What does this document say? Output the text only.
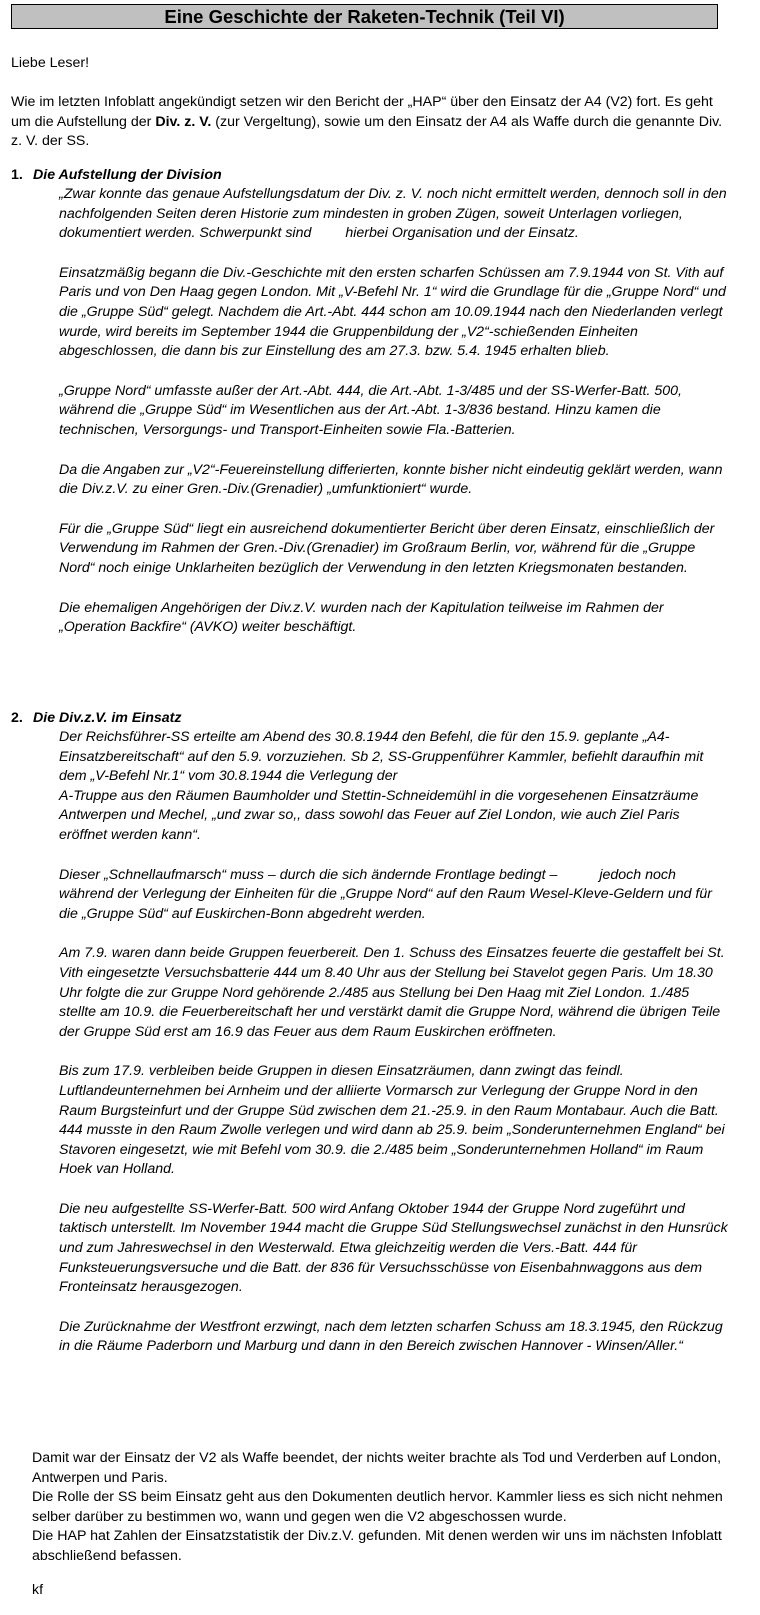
Eine Geschichte der Raketen-Technik (Teil VI)
Liebe Leser!
Wie im letzten Infoblatt angekündigt setzen wir den Bericht der „HAP“ über den Einsatz der A4 (V2) fort. Es geht um die Aufstellung der Div. z. V. (zur Vergeltung), sowie um den Einsatz der A4 als Waffe durch die genannte Div. z. V. der SS.
1. Die Aufstellung der Division

„Zwar konnte das genaue Aufstellungsdatum der Div. z. V. noch nicht ermittelt werden, dennoch soll in den nachfolgenden Seiten deren Historie zum mindesten in groben Zügen, soweit Unterlagen vorliegen, dokumentiert werden. Schwerpunkt sind hierbei Organisation und der Einsatz.

Einsatzmäßig begann die Div.-Geschichte mit den ersten scharfen Schüssen am 7.9.1944 von St. Vith auf Paris und von Den Haag gegen London. Mit „V-Befehl Nr. 1“ wird die Grundlage für die „Gruppe Nord“ und die „Gruppe Süd“ gelegt. Nachdem die Art.-Abt. 444 schon am 10.09.1944 nach den Niederlanden verlegt wurde, wird bereits im September 1944 die Gruppenbildung der „V2“-schießenden Einheiten abgeschlossen, die dann bis zur Einstellung des am 27.3. bzw. 5.4. 1945 erhalten blieb.

„Gruppe Nord“ umfasste außer der Art.-Abt. 444, die Art.-Abt. 1-3/485 und der SS-Werfer-Batt. 500, während die „Gruppe Süd“ im Wesentlichen aus der Art.-Abt. 1-3/836 bestand. Hinzu kamen die technischen, Versorgungs- und Transport-Einheiten sowie Fla.-Batterien.

Da die Angaben zur „V2“-Feuereinstellung differierten, konnte bisher nicht eindeutig geklärt werden, wann die Div.z.V. zu einer Gren.-Div.(Grenadier) „umfunktioniert“ wurde.

Für die „Gruppe Süd“ liegt ein ausreichend dokumentierter Bericht über deren Einsatz, einschließlich der Verwendung im Rahmen der Gren.-Div.(Grenadier) im Großraum Berlin, vor, während für die „Gruppe Nord“ noch einige Unklarheiten bezüglich der Verwendung in den letzten Kriegsmonaten bestanden.

Die ehemaligen Angehörigen der Div.z.V. wurden nach der Kapitulation teilweise im Rahmen der „Operation Backfire“ (AVKO) weiter beschäftigt.

2. Die Div.z.V. im Einsatz

Der Reichsführer-SS erteilte am Abend des 30.8.1944 den Befehl, die für den 15.9. geplante „A4-Einsatzbereitschaft“ auf den 5.9. vorzuziehen. Sb 2, SS-Gruppenführer Kammler, befiehlt daraufhin mit dem „V-Befehl Nr.1“ vom 30.8.1944 die Verlegung der
A-Truppe aus den Räumen Baumholder und Stettin-Schneidemühl in die vorgesehenen Einsatzräume Antwerpen und Mechel, „und zwar so,, dass sowohl das Feuer auf Ziel London, wie auch Ziel Paris eröffnet werden kann“.

Dieser „Schnellaufmarsch“ muss – durch die sich ändernde Frontlage bedingt –	jedoch noch während der Verlegung der Einheiten für die „Gruppe Nord“ auf den Raum Wesel-Kleve-Geldern und für die „Gruppe Süd“ auf Euskirchen-Bonn abgedreht werden.

Am 7.9. waren dann beide Gruppen feuerbereit. Den 1. Schuss des Einsatzes feuerte die gestaffelt bei St. Vith eingesetzte Versuchsbatterie 444 um 8.40 Uhr aus der Stellung bei Stavelot gegen Paris. Um 18.30 Uhr folgte die zur Gruppe Nord gehörende 2./485 aus Stellung bei Den Haag mit Ziel London. 1./485 stellte am 10.9. die Feuerbereitschaft her und verstärkt damit die Gruppe Nord, während die übrigen Teile der Gruppe Süd erst am 16.9 das Feuer aus dem Raum Euskirchen eröffneten.

Bis zum 17.9. verbleiben beide Gruppen in diesen Einsatzräumen, dann zwingt das feindl. Luftlandeunternehmen bei Arnheim und der alliierte Vormarsch zur Verlegung der Gruppe Nord in den Raum Burgsteinfurt und der Gruppe Süd zwischen dem 21.-25.9. in den Raum Montabaur. Auch die Batt. 444 musste in den Raum Zwolle verlegen und wird dann ab 25.9. beim „Sonderunternehmen England“ bei Stavoren eingesetzt, wie mit Befehl vom 30.9. die 2./485 beim „Sonderunternehmen Holland“ im Raum Hoek van Holland.

Die neu aufgestellte SS-Werfer-Batt. 500 wird Anfang Oktober 1944 der Gruppe Nord zugeführt und taktisch unterstellt. Im November 1944 macht die Gruppe Süd Stellungswechsel zunächst in den Hunsrück und zum Jahreswechsel in den Westerwald. Etwa gleichzeitig werden die Vers.-Batt. 444 für Funksteuerungsversuche und die Batt. der 836 für Versuchsschüsse von Eisenbahnwaggons aus dem Fronteinsatz herausgezogen.

Die Zurücknahme der Westfront erzwingt, nach dem letzten scharfen Schuss am 18.3.1945, den Rückzug in die Räume Paderborn und Marburg und dann in den Bereich zwischen Hannover - Winsen/Aller.“

Damit war der Einsatz der V2 als Waffe beendet, der nichts weiter brachte als Tod und Verderben auf London, Antwerpen und Paris.
Die Rolle der SS beim Einsatz geht aus den Dokumenten deutlich hervor. Kammler liess es sich nicht nehmen selber darüber zu bestimmen wo, wann und gegen wen die V2 abgeschossen wurde.
Die HAP hat Zahlen der Einsatzstatistik der Div.z.V. gefunden. Mit denen werden wir uns im nächsten Infoblatt abschließend befassen.
kf
